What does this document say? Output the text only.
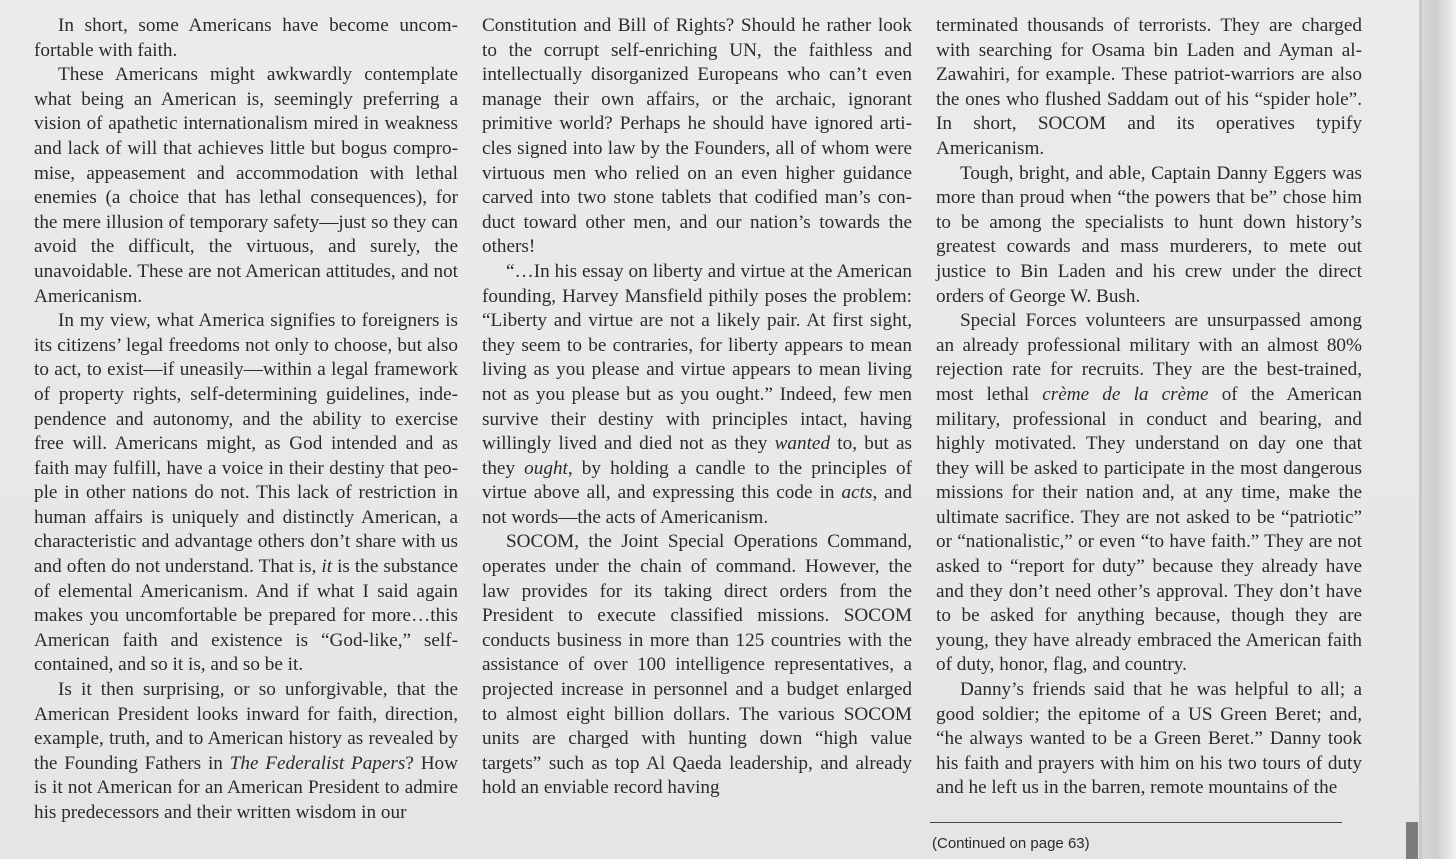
In short, some Americans have become uncomfortable with faith.

These Americans might awkwardly contemplate what being an American is, seemingly preferring a vision of apathetic internationalism mired in weakness and lack of will that achieves little but bogus compromise, appeasement and accommodation with lethal enemies (a choice that has lethal consequences), for the mere illusion of temporary safety—just so they can avoid the difficult, the virtuous, and surely, the unavoidable. These are not American attitudes, and not Americanism.

In my view, what America signifies to foreigners is its citizens’ legal freedoms not only to choose, but also to act, to exist—if uneasily—within a legal framework of property rights, self-determining guidelines, independence and autonomy, and the ability to exercise free will. Americans might, as God intended and as faith may fulfill, have a voice in their destiny that people in other nations do not. This lack of restriction in human affairs is uniquely and distinctly American, a characteristic and advantage others don’t share with us and often do not understand. That is, it is the substance of elemental Americanism. And if what I said again makes you uncomfortable be prepared for more…this American faith and existence is “God-like,” self-contained, and so it is, and so be it.

Is it then surprising, or so unforgivable, that the American President looks inward for faith, direction, example, truth, and to American history as revealed by the Founding Fathers in The Federalist Papers? How is it not American for an American President to admire his predecessors and their written wisdom in our

Constitution and Bill of Rights? Should he rather look to the corrupt self-enriching UN, the faithless and intellectually disorganized Europeans who can’t even manage their own affairs, or the archaic, ignorant primitive world? Perhaps he should have ignored articles signed into law by the Founders, all of whom were virtuous men who relied on an even higher guidance carved into two stone tablets that codified man’s conduct toward other men, and our nation’s towards the others!

“…In his essay on liberty and virtue at the American founding, Harvey Mansfield pithily poses the problem: “Liberty and virtue are not a likely pair. At first sight, they seem to be contraries, for liberty appears to mean living as you please and virtue appears to mean living not as you please but as you ought.” Indeed, few men survive their destiny with principles intact, having willingly lived and died not as they wanted to, but as they ought, by holding a candle to the principles of virtue above all, and expressing this code in acts, and not words—the acts of Americanism.

SOCOM, the Joint Special Operations Command, operates under the chain of command. However, the law provides for its taking direct orders from the President to execute classified missions. SOCOM conducts business in more than 125 countries with the assistance of over 100 intelligence representatives, a projected increase in personnel and a budget enlarged to almost eight billion dollars. The various SOCOM units are charged with hunting down “high value targets” such as top Al Qaeda leadership, and already hold an enviable record having

terminated thousands of terrorists. They are charged with searching for Osama bin Laden and Ayman al-Zawahiri, for example. These patriot-warriors are also the ones who flushed Saddam out of his “spider hole”. In short, SOCOM and its operatives typify Americanism.

Tough, bright, and able, Captain Danny Eggers was more than proud when “the powers that be” chose him to be among the specialists to hunt down history’s greatest cowards and mass murderers, to mete out justice to Bin Laden and his crew under the direct orders of George W. Bush.

Special Forces volunteers are unsurpassed among an already professional military with an almost 80% rejection rate for recruits. They are the best-trained, most lethal crème de la crème of the American military, professional in conduct and bearing, and highly motivated. They understand on day one that they will be asked to participate in the most dangerous missions for their nation and, at any time, make the ultimate sacrifice. They are not asked to be “patriotic” or “nationalistic,” or even “to have faith.” They are not asked to “report for duty” because they already have and they don’t need other’s approval. They don’t have to be asked for anything because, though they are young, they have already embraced the American faith of duty, honor, flag, and country.

Danny’s friends said that he was helpful to all; a good soldier; the epitome of a US Green Beret; and, “he always wanted to be a Green Beret.” Danny took his faith and prayers with him on his two tours of duty and he left us in the barren, remote mountains of the

(Continued on page 63)
